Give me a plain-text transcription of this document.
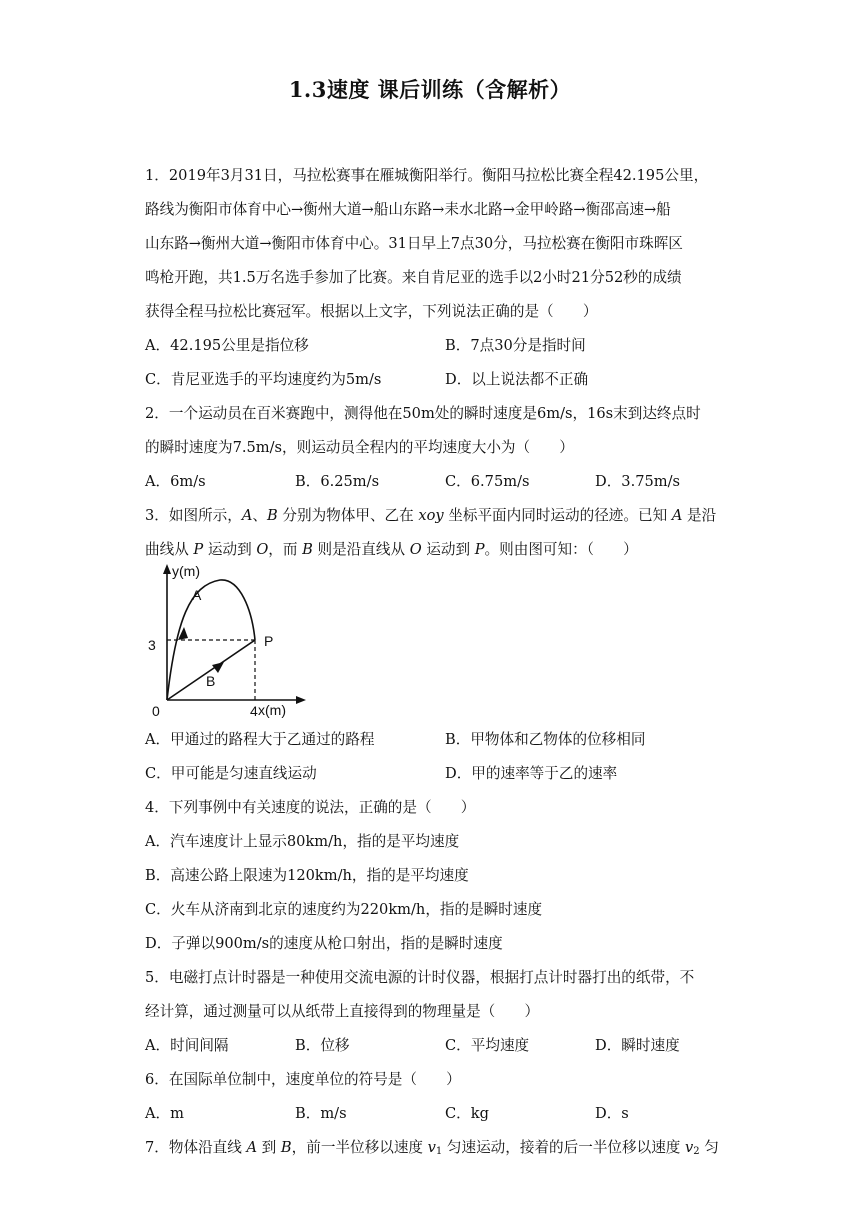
1.3速度 课后训练（含解析）
1．2019年3月31日，马拉松赛事在雁城衡阳举行。衡阳马拉松比赛全程42.195公里，
路线为衡阳市体育中心→衡州大道→船山东路→耒水北路→金甲岭路→衡邵高速→船
山东路→衡州大道→衡阳市体育中心。31日早上7点30分，马拉松赛在衡阳市珠晖区
鸣枪开跑，共1.5万名选手参加了比赛。来自肯尼亚的选手以2小时21分52秒的成绩
获得全程马拉松比赛冠军。根据以上文字，下列说法正确的是（　　）
A．42.195公里是指位移	B．7点30分是指时间
C．肯尼亚选手的平均速度约为5m/s	D．以上说法都不正确
2．一个运动员在百米赛跑中，测得他在50m处的瞬时速度是6m/s，16s末到达终点时
的瞬时速度为7.5m/s，则运动员全程内的平均速度大小为（　　）
A．6m/s	B．6.25m/s	C．6.75m/s	D．3.75m/s
3．如图所示，A、B 分别为物体甲、乙在 xoy 坐标平面内同时运动的径迹。已知 A 是沿
曲线从 P 运动到 O，而 B 则是沿直线从 O 运动到 P。则由图可知：（　　）
y(m)
x(m)
0
3
4
A
B
P
A．甲通过的路程大于乙通过的路程	B．甲物体和乙物体的位移相同
C．甲可能是匀速直线运动	D．甲的速率等于乙的速率
4．下列事例中有关速度的说法，正确的是（　　）
A．汽车速度计上显示80km/h，指的是平均速度
B．高速公路上限速为120km/h，指的是平均速度
C．火车从济南到北京的速度约为220km/h，指的是瞬时速度
D．子弹以900m/s的速度从枪口射出，指的是瞬时速度
5．电磁打点计时器是一种使用交流电源的计时仪器，根据打点计时器打出的纸带，不
经计算，通过测量可以从纸带上直接得到的物理量是（　　）
A．时间间隔	B．位移	C．平均速度	D．瞬时速度
6．在国际单位制中，速度单位的符号是（　　）
A．m	B．m/s	C．kg	D．s
7．物体沿直线 A 到 B，前一半位移以速度 $v_1$ 匀速运动，接着的后一半位移以速度 $v_2$ 匀
